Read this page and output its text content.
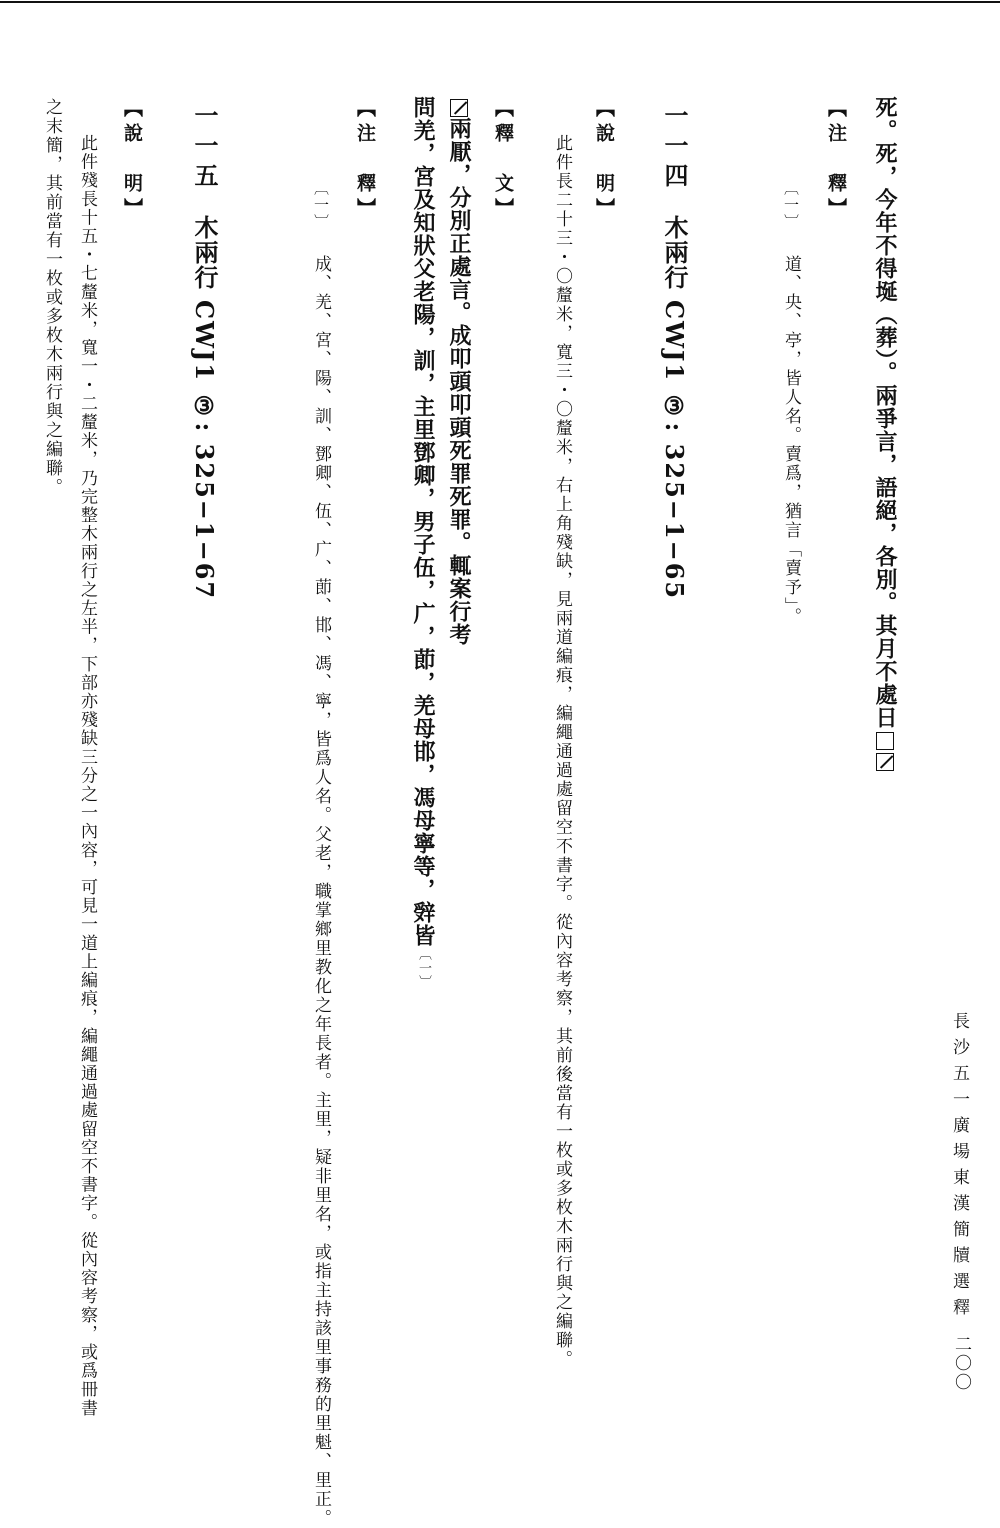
長沙五一廣場東漢簡牘選釋
二〇〇
死。死，今年不得埏（葬）。兩爭言，語絕，各別。其月不處日
【注　釋】
〔一〕道、央、亭，皆人名。賣爲，猶言「賣予」。
一一四木兩行CWJ1 ③: 325−1−65
【說　明】
此件長二十三・〇釐米，寬三・〇釐米，右上角殘缺，見兩道編痕，編繩通過處留空不書字。從內容考察，其前後當有一枚或多枚木兩行與之編聯。
【釋　文】
兩厭，分別正處言。成叩頭叩頭死罪死罪。輒案行考
問羌，宮及知狀父老陽，訓，主里鄧卿，男子伍，广，莭，羌母邯，馮母寧等，辤皆〔一〕
【注　釋】
〔一〕成、羌、宮、陽、訓、鄧卿、伍、广、莭、邯、馮、寧，皆爲人名。父老，職掌鄉里教化之年長者。主里，疑非里名，或指主持該里事務的里魁、里正。
一一五木兩行CWJ1 ③: 325−1−67
【說　明】
此件殘長十五・七釐米，寬一・二釐米，乃完整木兩行之左半，下部亦殘缺三分之一內容，可見一道上編痕，編繩通過處留空不書字。從內容考察，或爲冊書
之末簡，其前當有一枚或多枚木兩行與之編聯。
